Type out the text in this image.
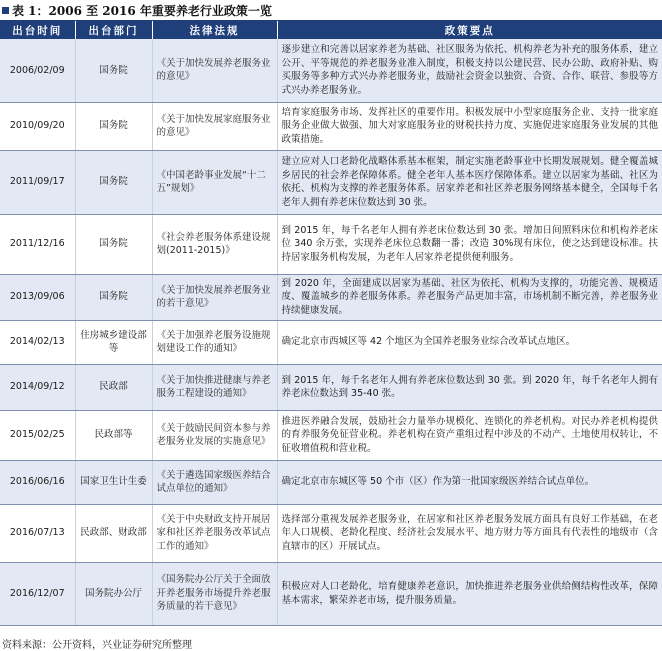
表 1：2006 至 2016 年重要养老行业政策一览
出台时间	出台部门	法律法规	政策要点
2006/02/09	国务院	《关于加快发展养老服务业的意见》	逐步建立和完善以居家养老为基础、社区服务为依托、机构养老为补充的服务体系，建立公开、平等规范的养老服务业准入制度，积极支持以公建民营、民办公助、政府补贴、购买服务等多种方式兴办养老服务业，鼓励社会资金以独资、合资、合作、联营、参股等方式兴办养老服务业。
2010/09/20	国务院	《关于加快发展家庭服务业的意见》	培育家庭服务市场、发挥社区的重要作用。积极发展中小型家庭服务企业、支持一批家庭服务企业做大做强、加大对家庭服务业的财税扶持力度、实施促进家庭服务业发展的其他政策措施。
2011/09/17	国务院	《中国老龄事业发展“十二五”规划》	建立应对人口老龄化战略体系基本框架，制定实施老龄事业中长期发展规划。健全覆盖城乡居民的社会养老保障体系。健全老年人基本医疗保障体系。建立以居家为基础、社区为依托、机构为支撑的养老服务体系。居家养老和社区养老服务网络基本健全，全国每千名老年人拥有养老床位数达到 30 张。
2011/12/16	国务院	《社会养老服务体系建设规划(2011-2015)》	到 2015 年，每千名老年人拥有养老床位数达到 30 张。增加日间照料床位和机构养老床位 340 余万张，实现养老床位总数翻一番；改造 30%现有床位，使之达到建设标准。扶持居家服务机构发展，为老年人居家养老提供便利服务。
2013/09/06	国务院	《关于加快发展养老服务业的若干意见》	到 2020 年，全面建成以居家为基础、社区为依托、机构为支撑的，功能完善、规模适度、覆盖城乡的养老服务体系。养老服务产品更加丰富，市场机制不断完善，养老服务业持续健康发展。
2014/02/13	住房城乡建设部等	《关于加强养老服务设施规划建设工作的通知》	确定北京市西城区等 42 个地区为全国养老服务业综合改革试点地区。
2014/09/12	民政部	《关于加快推进健康与养老服务工程建设的通知》	到 2015 年，每千名老年人拥有养老床位数达到 30 张。到 2020 年，每千名老年人拥有养老床位数达到 35-40 张。
2015/02/25	民政部等	《关于鼓励民间资本参与养老服务业发展的实施意见》	推进医养融合发展，鼓励社会力量举办规模化、连锁化的养老机构。对民办养老机构提供的育养服务免征营业税。养老机构在资产重组过程中涉及的不动产、土地使用权转让，不征收增值税和营业税。
2016/06/16	国家卫生计生委	《关于遴选国家级医养结合试点单位的通知》	确定北京市东城区等 50 个市（区）作为第一批国家级医养结合试点单位。
2016/07/13	民政部、财政部	《关于中央财政支持开展居家和社区养老服务改革试点工作的通知》	选择部分重视发展养老服务业，在居家和社区养老服务发展方面具有良好工作基础，在老年人口规模、老龄化程度、经济社会发展水平、地方财力等方面具有代表性的地级市（含直辖市的区）开展试点。
2016/12/07	国务院办公厅	《国务院办公厅关于全面放开养老服务市场提升养老服务质量的若干意见》	积极应对人口老龄化，培育健康养老意识，加快推进养老服务业供给侧结构性改革，保障基本需求，繁荣养老市场，提升服务质量。
资料来源：公开资料，兴业证券研究所整理
